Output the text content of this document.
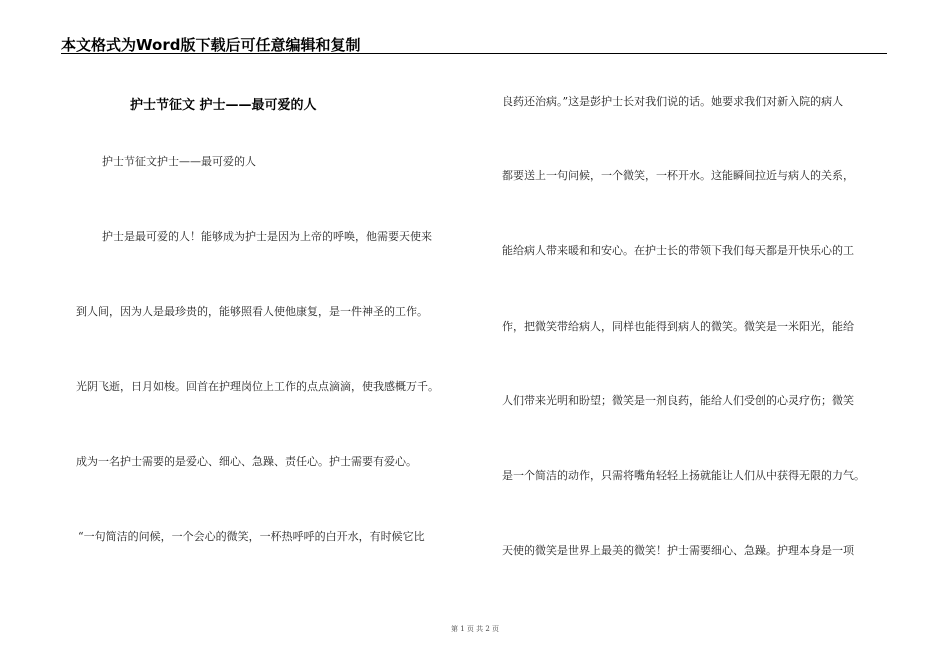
本文格式为Word版下载后可任意编辑和复制
护士节征文 护士——最可爱的人
护士节征文护士——最可爱的人
护士是最可爱的人！能够成为护士是因为上帝的呼唤，他需要天使来
到人间，因为人是最珍贵的，能够照看人使他康复，是一件神圣的工作。
光阴飞逝，日月如梭。回首在护理岗位上工作的点点滴滴，使我感概万千。
成为一名护士需要的是爱心、细心、急躁、责任心。护士需要有爱心。
“一句简洁的问候，一个会心的微笑，一杯热呼呼的白开水，有时候它比
良药还治病。”这是彭护士长对我们说的话。她要求我们对新入院的病人
都要送上一句问候，一个微笑，一杯开水。这能瞬间拉近与病人的关系，
能给病人带来暖和和安心。在护士长的带领下我们每天都是开快乐心的工
作，把微笑带给病人，同样也能得到病人的微笑。微笑是一米阳光，能给
人们带来光明和盼望；微笑是一剂良药，能给人们受创的心灵疗伤；微笑
是一个简洁的动作，只需将嘴角轻轻上扬就能让人们从中获得无限的力气。
天使的微笑是世界上最美的微笑！护士需要细心、急躁。护理本身是一项
第 1 页 共 2 页
